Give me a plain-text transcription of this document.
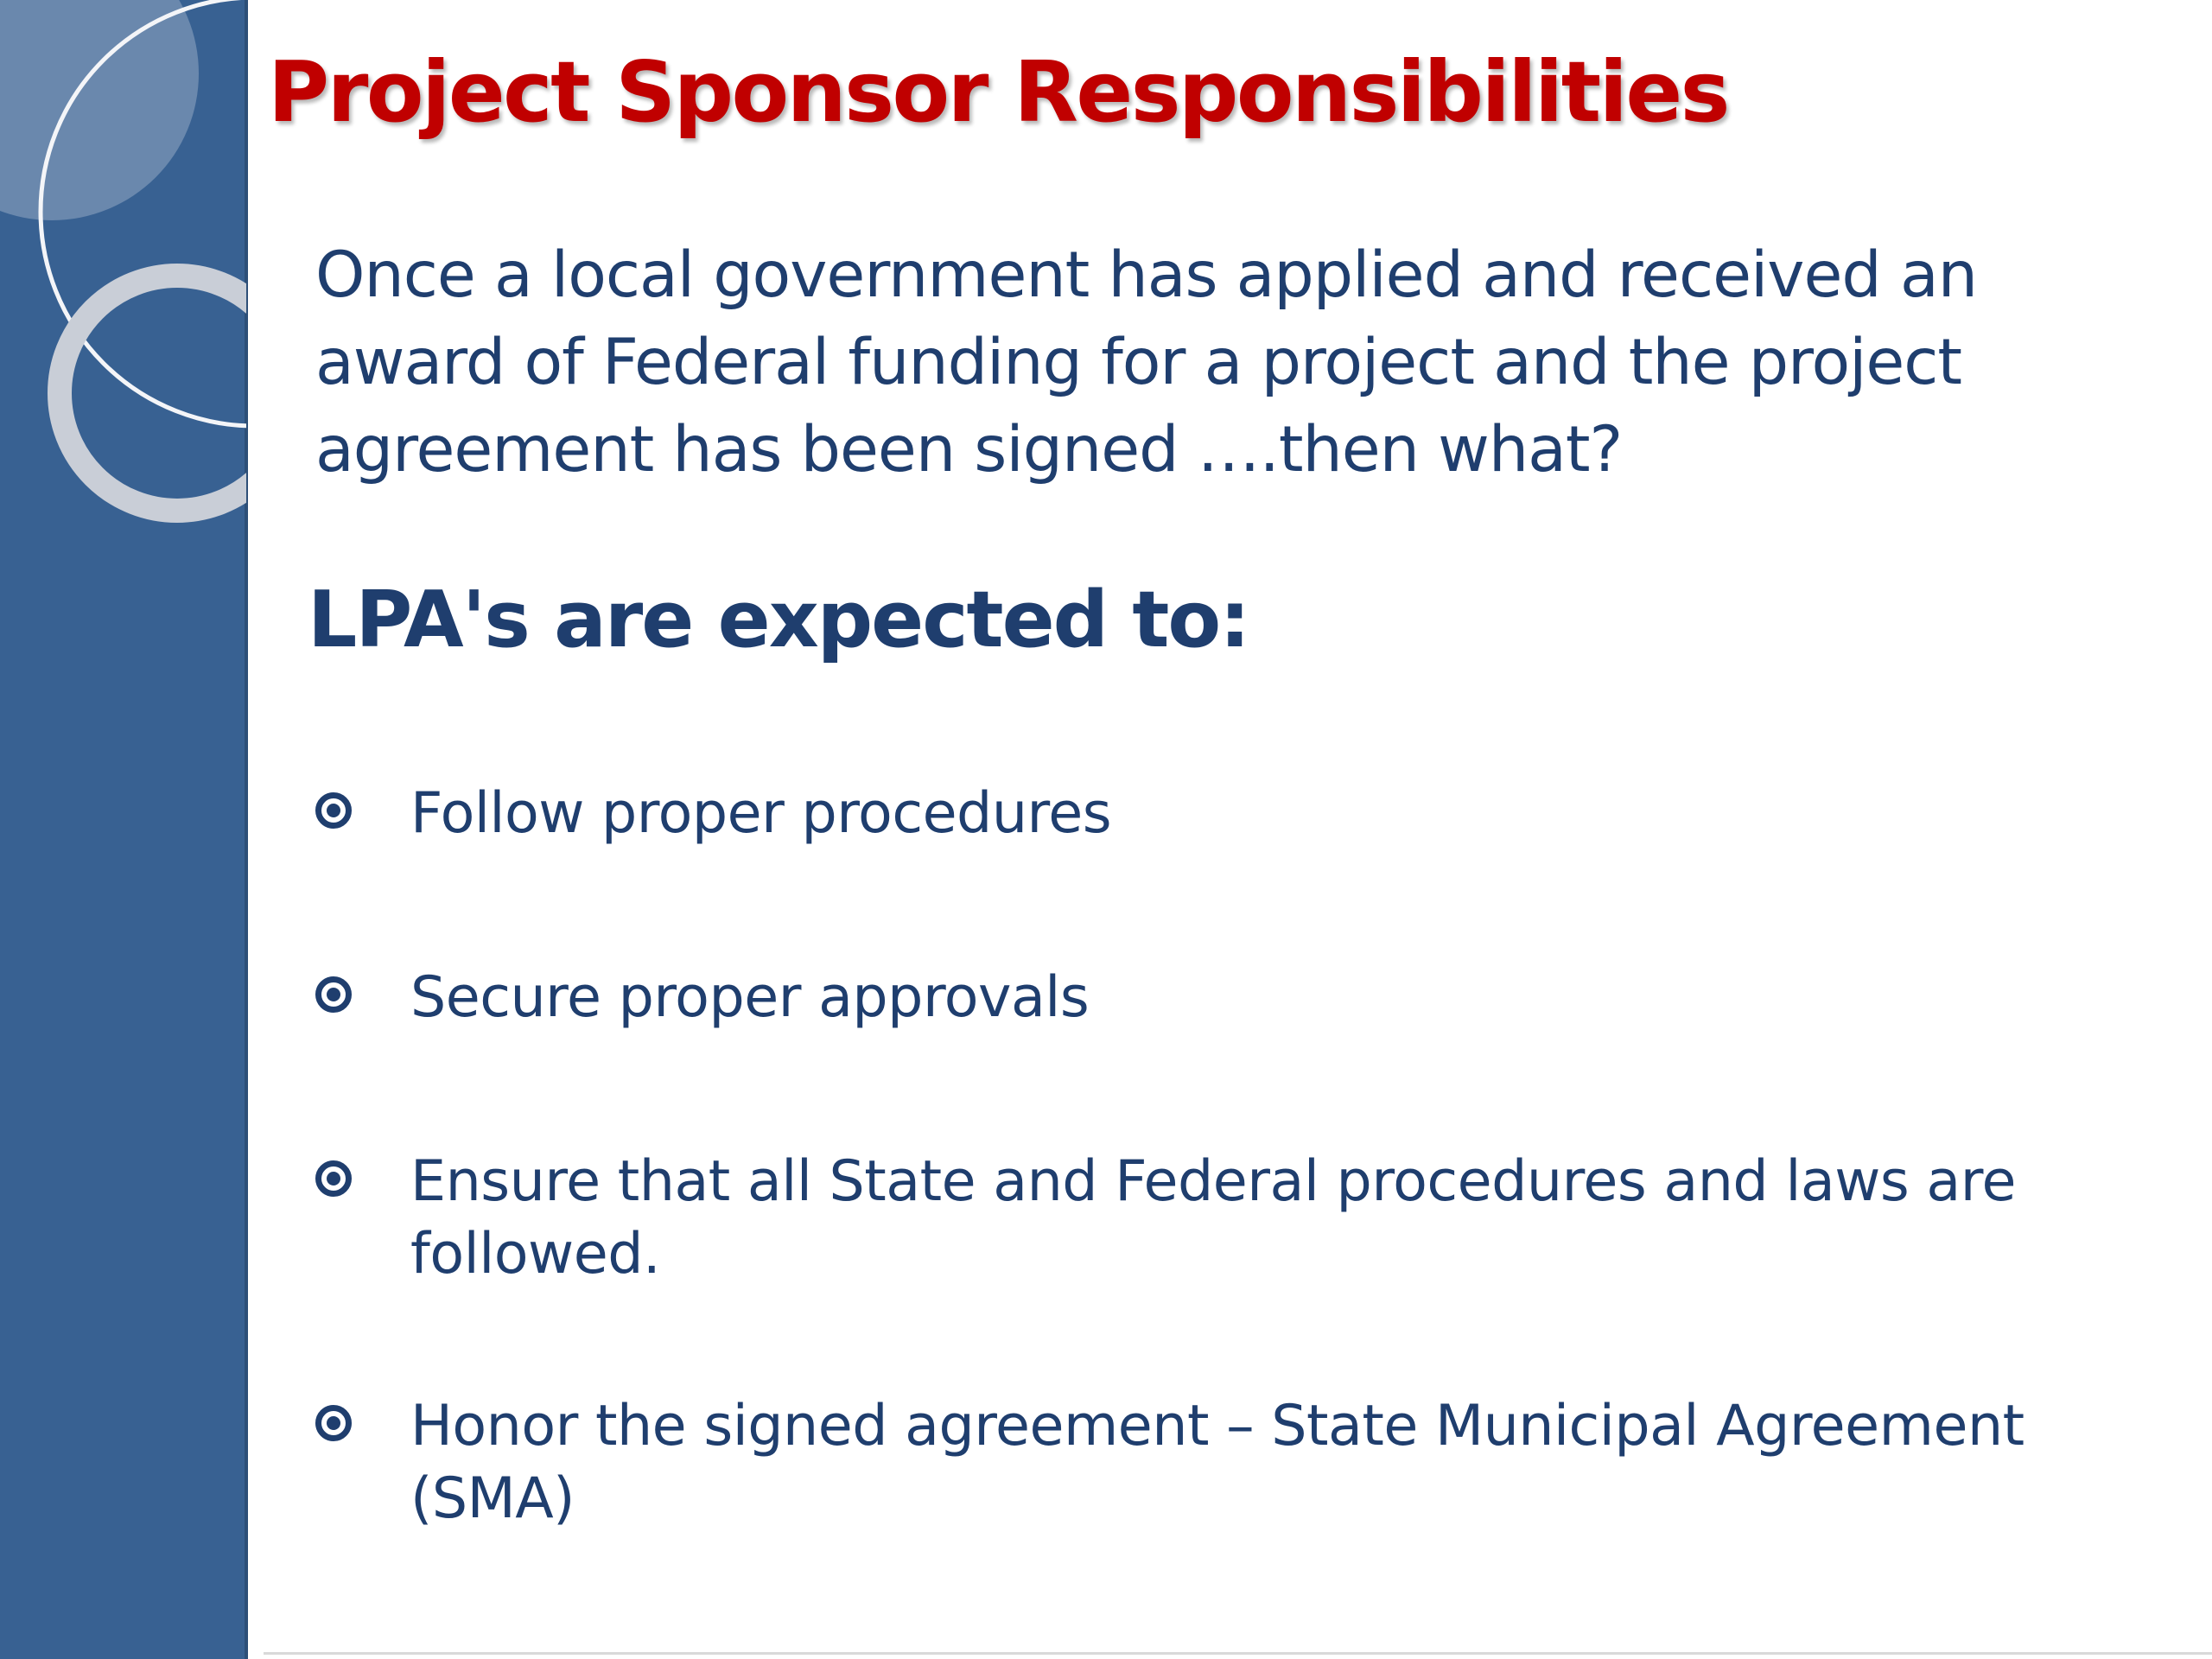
Project Sponsor Responsibilities

Once a local government has applied and received an award of Federal funding for a project and the project agreement has been signed ….then what?

LPA's are expected to:
Follow proper procedures
Secure proper approvals
Ensure that all State and Federal procedures and laws are followed.
Honor the signed agreement – State Municipal Agreement (SMA)
